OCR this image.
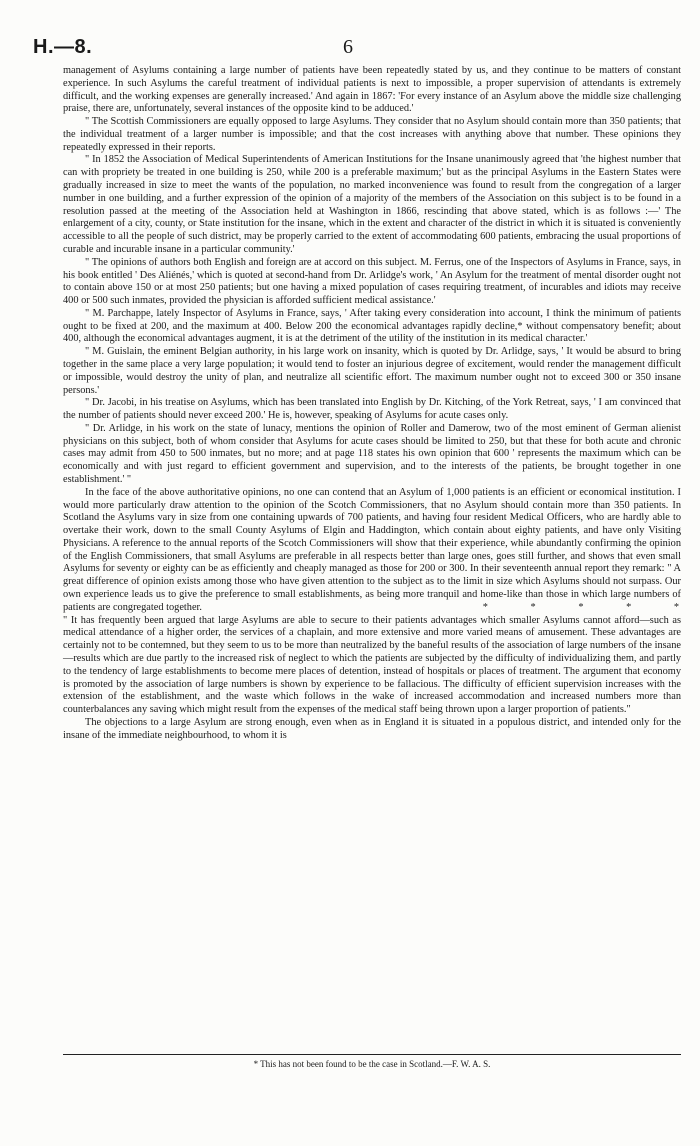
H.—8.	6

management of Asylums containing a large number of patients have been repeatedly stated by us, and they continue to be matters of constant experience. In such Asylums the careful treatment of individual patients is next to impossible, a proper supervision of attendants is extremely difficult, and the working expenses are generally increased.' And again in 1867: 'For every instance of an Asylum above the middle size challenging praise, there are, unfortunately, several instances of the opposite kind to be adduced.'

" The Scottish Commissioners are equally opposed to large Asylums. They consider that no Asylum should contain more than 350 patients; that the individual treatment of a larger number is impossible; and that the cost increases with anything above that number. These opinions they repeatedly expressed in their reports.

" In 1852 the Association of Medical Superintendents of American Institutions for the Insane unanimously agreed that 'the highest number that can with propriety be treated in one building is 250, while 200 is a preferable maximum;' but as the principal Asylums in the Eastern States were gradually increased in size to meet the wants of the population, no marked inconvenience was found to result from the congregation of a larger number in one building, and a further expression of the opinion of a majority of the members of the Association on this subject is to be found in a resolution passed at the meeting of the Association held at Washington in 1866, rescinding that above stated, which is as follows :—' The enlargement of a city, county, or State institution for the insane, which in the extent and character of the district in which it is situated is conveniently accessible to all the people of such district, may be properly carried to the extent of accommodating 600 patients, embracing the usual proportions of curable and incurable insane in a particular community.'

" The opinions of authors both English and foreign are at accord on this subject. M. Ferrus, one of the Inspectors of Asylums in France, says, in his book entitled ' Des Aliénés,' which is quoted at second-hand from Dr. Arlidge's work, ' An Asylum for the treatment of mental disorder ought not to contain above 150 or at most 250 patients; but one having a mixed population of cases requiring treatment, of incurables and idiots may receive 400 or 500 such inmates, provided the physician is afforded sufficient medical assistance.'

" M. Parchappe, lately Inspector of Asylums in France, says, ' After taking every consideration into account, I think the minimum of patients ought to be fixed at 200, and the maximum at 400. Below 200 the economical advantages rapidly decline,* without compensatory benefit; about 400, although the economical advantages augment, it is at the detriment of the utility of the institution in its medical character.'

" M. Guislain, the eminent Belgian authority, in his large work on insanity, which is quoted by Dr. Arlidge, says, ' It would be absurd to bring together in the same place a very large population; it would tend to foster an injurious degree of excitement, would render the management difficult or impossible, would destroy the unity of plan, and neutralize all scientific effort. The maximum number ought not to exceed 300 or 350 insane persons.'

" Dr. Jacobi, in his treatise on Asylums, which has been translated into English by Dr. Kitching, of the York Retreat, says, ' I am convinced that the number of patients should never exceed 200.' He is, however, speaking of Asylums for acute cases only.

" Dr. Arlidge, in his work on the state of lunacy, mentions the opinion of Roller and Damerow, two of the most eminent of German alienist physicians on this subject, both of whom consider that Asylums for acute cases should be limited to 250, but that these for both acute and chronic cases may admit from 450 to 500 inmates, but no more; and at page 118 states his own opinion that 600 ' represents the maximum which can be economically and with just regard to efficient government and supervision, and to the interests of the patients, be brought together in one establishment.' "

In the face of the above authoritative opinions, no one can contend that an Asylum of 1,000 patients is an efficient or economical institution. I would more particularly draw attention to the opinion of the Scotch Commissioners, that no Asylum should contain more than 350 patients. In Scotland the Asylums vary in size from one containing upwards of 700 patients, and having four resident Medical Officers, who are hardly able to overtake their work, down to the small County Asylums of Elgin and Haddington, which contain about eighty patients, and have only Visiting Physicians. A reference to the annual reports of the Scotch Commissioners will show that their experience, while abundantly confirming the opinion of the English Commissioners, that small Asylums are preferable in all respects better than large ones, goes still further, and shows that even small Asylums for seventy or eighty can be as efficiently and cheaply managed as those for 200 or 300. In their seventeenth annual report they remark: " A great difference of opinion exists among those who have given attention to the subject as to the limit in size which Asylums should not surpass. Our own experience leads us to give the preference to small establishments, as being more tranquil and home-like than those in which large numbers of patients are congregated together.	* * * * *

" It has frequently been argued that large Asylums are able to secure to their patients advantages which smaller Asylums cannot afford—such as medical attendance of a higher order, the services of a chaplain, and more extensive and more varied means of amusement. These advantages are certainly not to be contemned, but they seem to us to be more than neutralized by the baneful results of the association of large numbers of the insane—results which are due partly to the increased risk of neglect to which the patients are subjected by the difficulty of individualizing them, and partly to the tendency of large establishments to become mere places of detention, instead of hospitals or places of treatment. The argument that economy is promoted by the association of large numbers is shown by experience to be fallacious. The difficulty of efficient supervision increases with the extension of the establishment, and the waste which follows in the wake of increased accommodation and increased numbers more than counterbalances any saving which might result from the expenses of the medical staff being thrown upon a larger proportion of patients."

The objections to a large Asylum are strong enough, even when as in England it is situated in a populous district, and intended only for the insane of the immediate neighbourhood, to whom it is

* This has not been found to be the case in Scotland.—F. W. A. S.
